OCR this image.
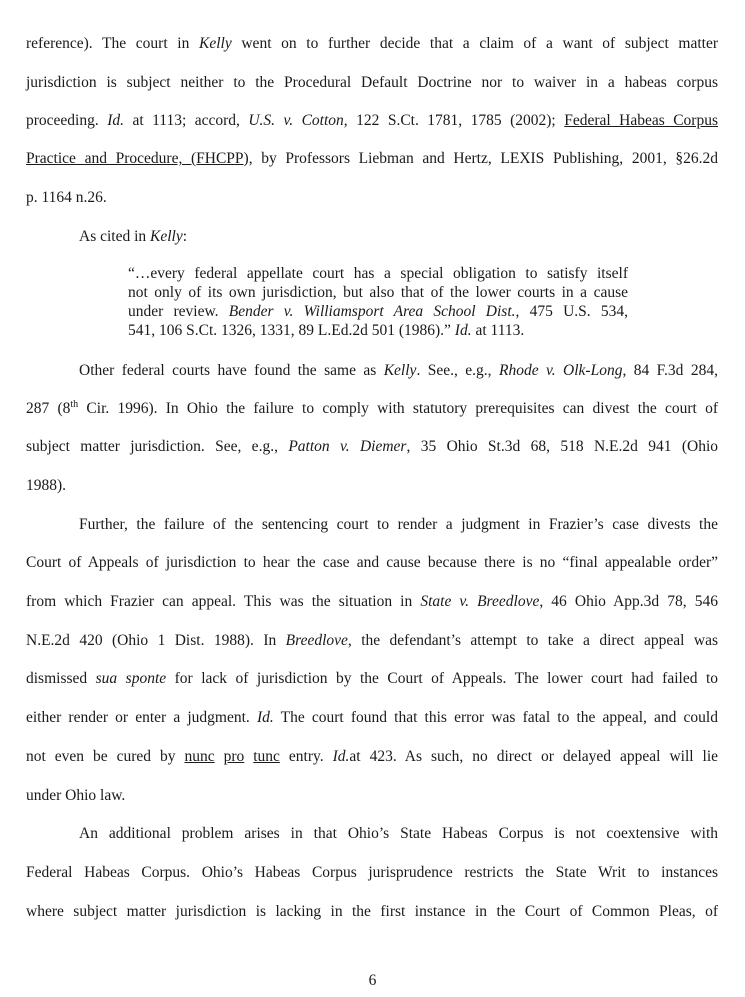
reference). The court in Kelly went on to further decide that a claim of a want of subject matter
jurisdiction is subject neither to the Procedural Default Doctrine nor to waiver in a habeas corpus
proceeding. Id. at 1113; accord, U.S. v. Cotton, 122 S.Ct. 1781, 1785 (2002); Federal Habeas Corpus
Practice and Procedure, (FHCPP), by Professors Liebman and Hertz, LEXIS Publishing, 2001, §26.2d
p. 1164 n.26.
As cited in Kelly:
“…every federal appellate court has a special obligation to satisfy itself
not only of its own jurisdiction, but also that of the lower courts in a cause
under review. Bender v. Williamsport Area School Dist., 475 U.S. 534,
541, 106 S.Ct. 1326, 1331, 89 L.Ed.2d 501 (1986).” Id. at 1113.
Other federal courts have found the same as Kelly. See., e.g., Rhode v. Olk-Long, 84 F.3d 284,
287 (8th Cir. 1996). In Ohio the failure to comply with statutory prerequisites can divest the court of
subject matter jurisdiction. See, e.g., Patton v. Diemer, 35 Ohio St.3d 68, 518 N.E.2d 941 (Ohio
1988).
Further, the failure of the sentencing court to render a judgment in Frazier’s case divests the
Court of Appeals of jurisdiction to hear the case and cause because there is no “final appealable order”
from which Frazier can appeal. This was the situation in State v. Breedlove, 46 Ohio App.3d 78, 546
N.E.2d 420 (Ohio 1 Dist. 1988). In Breedlove, the defendant’s attempt to take a direct appeal was
dismissed sua sponte for lack of jurisdiction by the Court of Appeals. The lower court had failed to
either render or enter a judgment. Id. The court found that this error was fatal to the appeal, and could
not even be cured by nunc pro tunc entry. Id.at 423. As such, no direct or delayed appeal will lie
under Ohio law.
An additional problem arises in that Ohio’s State Habeas Corpus is not coextensive with
Federal Habeas Corpus. Ohio’s Habeas Corpus jurisprudence restricts the State Writ to instances
where subject matter jurisdiction is lacking in the first instance in the Court of Common Pleas, of
6
